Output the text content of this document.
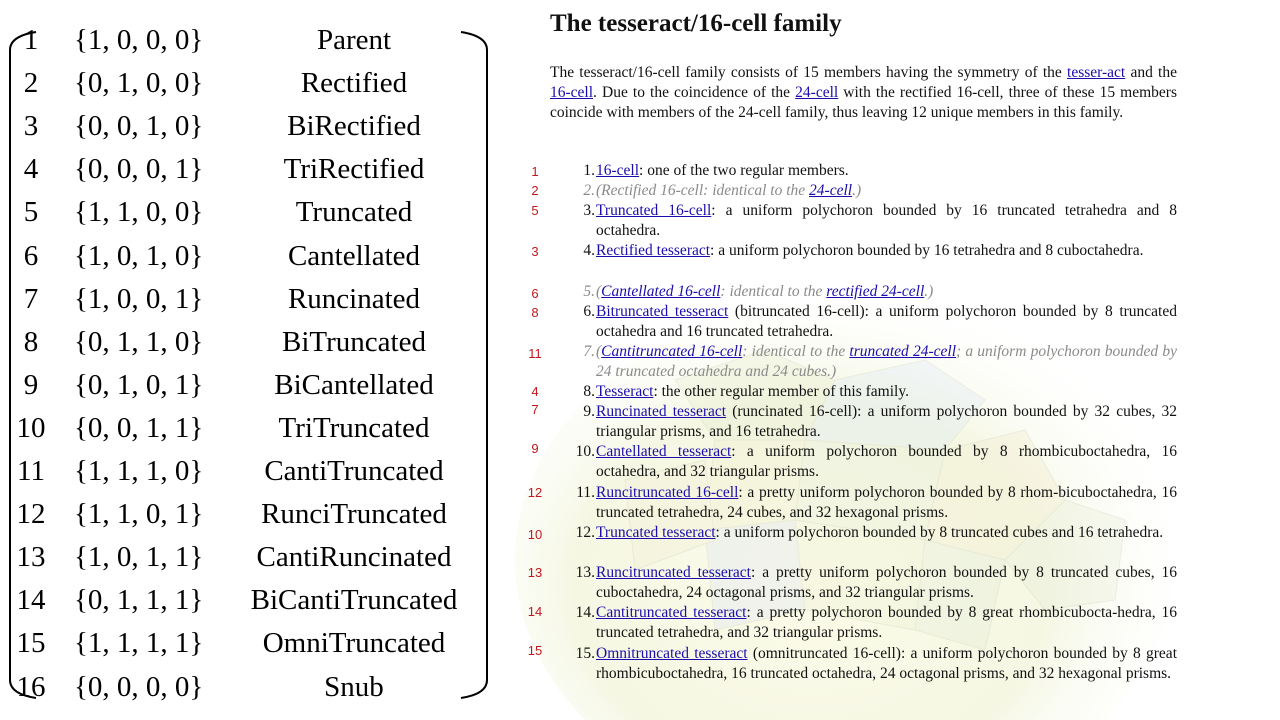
1	{1, 0, 0, 0}	Parent
2	{0, 1, 0, 0}	Rectified
3	{0, 0, 1, 0}	BiRectified
4	{0, 0, 0, 1}	TriRectified
5	{1, 1, 0, 0}	Truncated
6	{1, 0, 1, 0}	Cantellated
7	{1, 0, 0, 1}	Runcinated
8	{0, 1, 1, 0}	BiTruncated
9	{0, 1, 0, 1}	BiCantellated
10 {0, 0, 1, 1}	TriTruncated
11 {1, 1, 1, 0}	CantiTruncated
12 {1, 1, 0, 1}	RunciTruncated
13 {1, 0, 1, 1}	CantiRuncinated
14 {0, 1, 1, 1}	BiCantiTruncated
15 {1, 1, 1, 1}	OmniTruncated
16 {0, 0, 0, 0}	Snub
The tesseract/16-cell family

The tesseract/16-cell family consists of 15 members having the symmetry of the tesser-act and the 16-cell. Due to the coincidence of the 24-cell with the rectified 16-cell, three of these 15 members coincide with members of the 24-cell family, thus leaving 12 unique members in this family.

1	1. 16-cell: one of the two regular members.
2	2. (Rectified 16-cell: identical to the 24-cell.)
5	3. Truncated 16-cell: a uniform polychoron bounded by 16 truncated tetrahedra and 8 octahedra.
3	4. Rectified tesseract: a uniform polychoron bounded by 16 tetrahedra and 8 cuboctahedra.
6	5. (Cantellated 16-cell: identical to the rectified 24-cell.)
8	6. Bitruncated tesseract (bitruncated 16-cell): a uniform polychoron bounded by 8 truncated octahedra and 16 truncated tetrahedra.
11	7. (Cantitruncated 16-cell: identical to the truncated 24-cell; a uniform polychoron bounded by 24 truncated octahedra and 24 cubes.)
4	8. Tesseract: the other regular member of this family.
7	9. Runcinated tesseract (runcinated 16-cell): a uniform polychoron bounded by 32 cubes, 32 triangular prisms, and 16 tetrahedra.
9	10. Cantellated tesseract: a uniform polychoron bounded by 8 rhombicuboctahedra, 16 octahedra, and 32 triangular prisms.
12	11. Runcitruncated 16-cell: a pretty uniform polychoron bounded by 8 rhom-bicuboctahedra, 16 truncated tetrahedra, 24 cubes, and 32 hexagonal prisms.
10	12. Truncated tesseract: a uniform polychoron bounded by 8 truncated cubes and 16 tetrahedra.
13	13. Runcitruncated tesseract: a pretty uniform polychoron bounded by 8 truncated cubes, 16 cuboctahedra, 24 octagonal prisms, and 32 triangular prisms.
14	14. Cantitruncated tesseract: a pretty polychoron bounded by 8 great rhombicubocta-hedra, 16 truncated tetrahedra, and 32 triangular prisms.
15	15. Omnitruncated tesseract (omnitruncated 16-cell): a uniform polychoron bounded by 8 great rhombicuboctahedra, 16 truncated octahedra, 24 octagonal prisms, and 32 hexagonal prisms.
